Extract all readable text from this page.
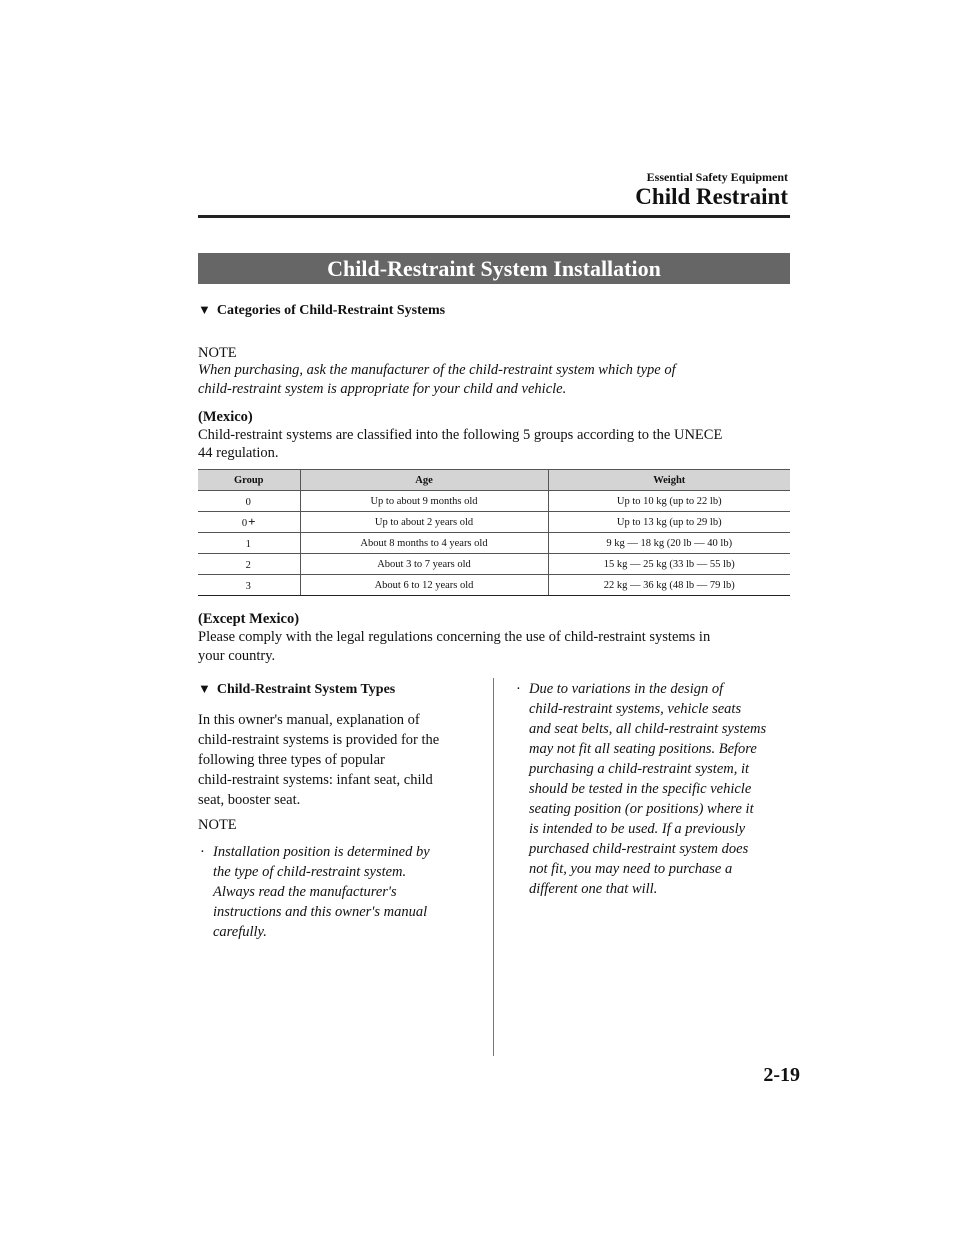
Essential Safety Equipment
Child Restraint
Child-Restraint System Installation
▼ Categories of Child-Restraint Systems
NOTE
When purchasing, ask the manufacturer of the child-restraint system which type of
child-restraint system is appropriate for your child and vehicle.
(Mexico)
Child-restraint systems are classified into the following 5 groups according to the UNECE
44 regulation.
Group	Age	Weight
0	Up to about 9 months old	Up to 10 kg (up to 22 lb)
0+	Up to about 2 years old	Up to 13 kg (up to 29 lb)
1	About 8 months to 4 years old	9 kg ― 18 kg (20 lb ― 40 lb)
2	About 3 to 7 years old	15 kg ― 25 kg (33 lb ― 55 lb)
3	About 6 to 12 years old	22 kg ― 36 kg (48 lb ― 79 lb)
(Except Mexico)
Please comply with the legal regulations concerning the use of child-restraint systems in
your country.
▼ Child-Restraint System Types
In this owner's manual, explanation of
child-restraint systems is provided for the
following three types of popular
child-restraint systems: infant seat, child
seat, booster seat.
NOTE
· Installation position is determined by
the type of child-restraint system.
Always read the manufacturer's
instructions and this owner's manual
carefully.
· Due to variations in the design of
child-restraint systems, vehicle seats
and seat belts, all child-restraint systems
may not fit all seating positions. Before
purchasing a child-restraint system, it
should be tested in the specific vehicle
seating position (or positions) where it
is intended to be used. If a previously
purchased child-restraint system does
not fit, you may need to purchase a
different one that will.
2-19
